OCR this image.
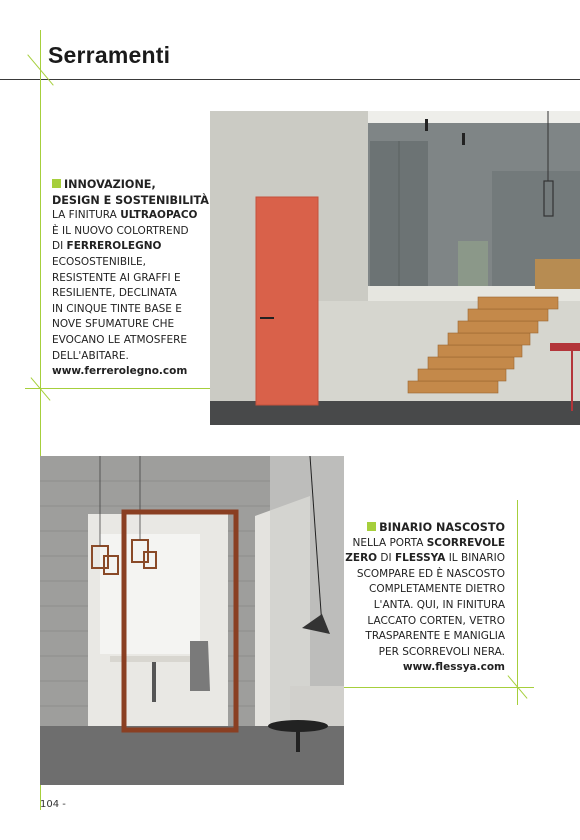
Serramenti
INNOVAZIONE,
DESIGN E SOSTENIBILITÀ
LA FINITURA ULTRAOPACO
È IL NUOVO COLORTREND
DI FERREROLEGNO
ECOSOSTENIBILE,
RESISTENTE AI GRAFFI E
RESILIENTE, DECLINATA
IN CINQUE TINTE BASE E
NOVE SFUMATURE CHE
EVOCANO LE ATMOSFERE
DELL'ABITARE.
www.ferrerolegno.com
BINARIO NASCOSTO
NELLA PORTA SCORREVOLE
ZERO DI FLESSYA IL BINARIO
SCOMPARE ED È NASCOSTO
COMPLETAMENTE DIETRO
L'ANTA. QUI, IN FINITURA
LACCATO CORTEN, VETRO
TRASPARENTE E MANIGLIA
PER SCORREVOLI NERA.
www.flessya.com
104 -
